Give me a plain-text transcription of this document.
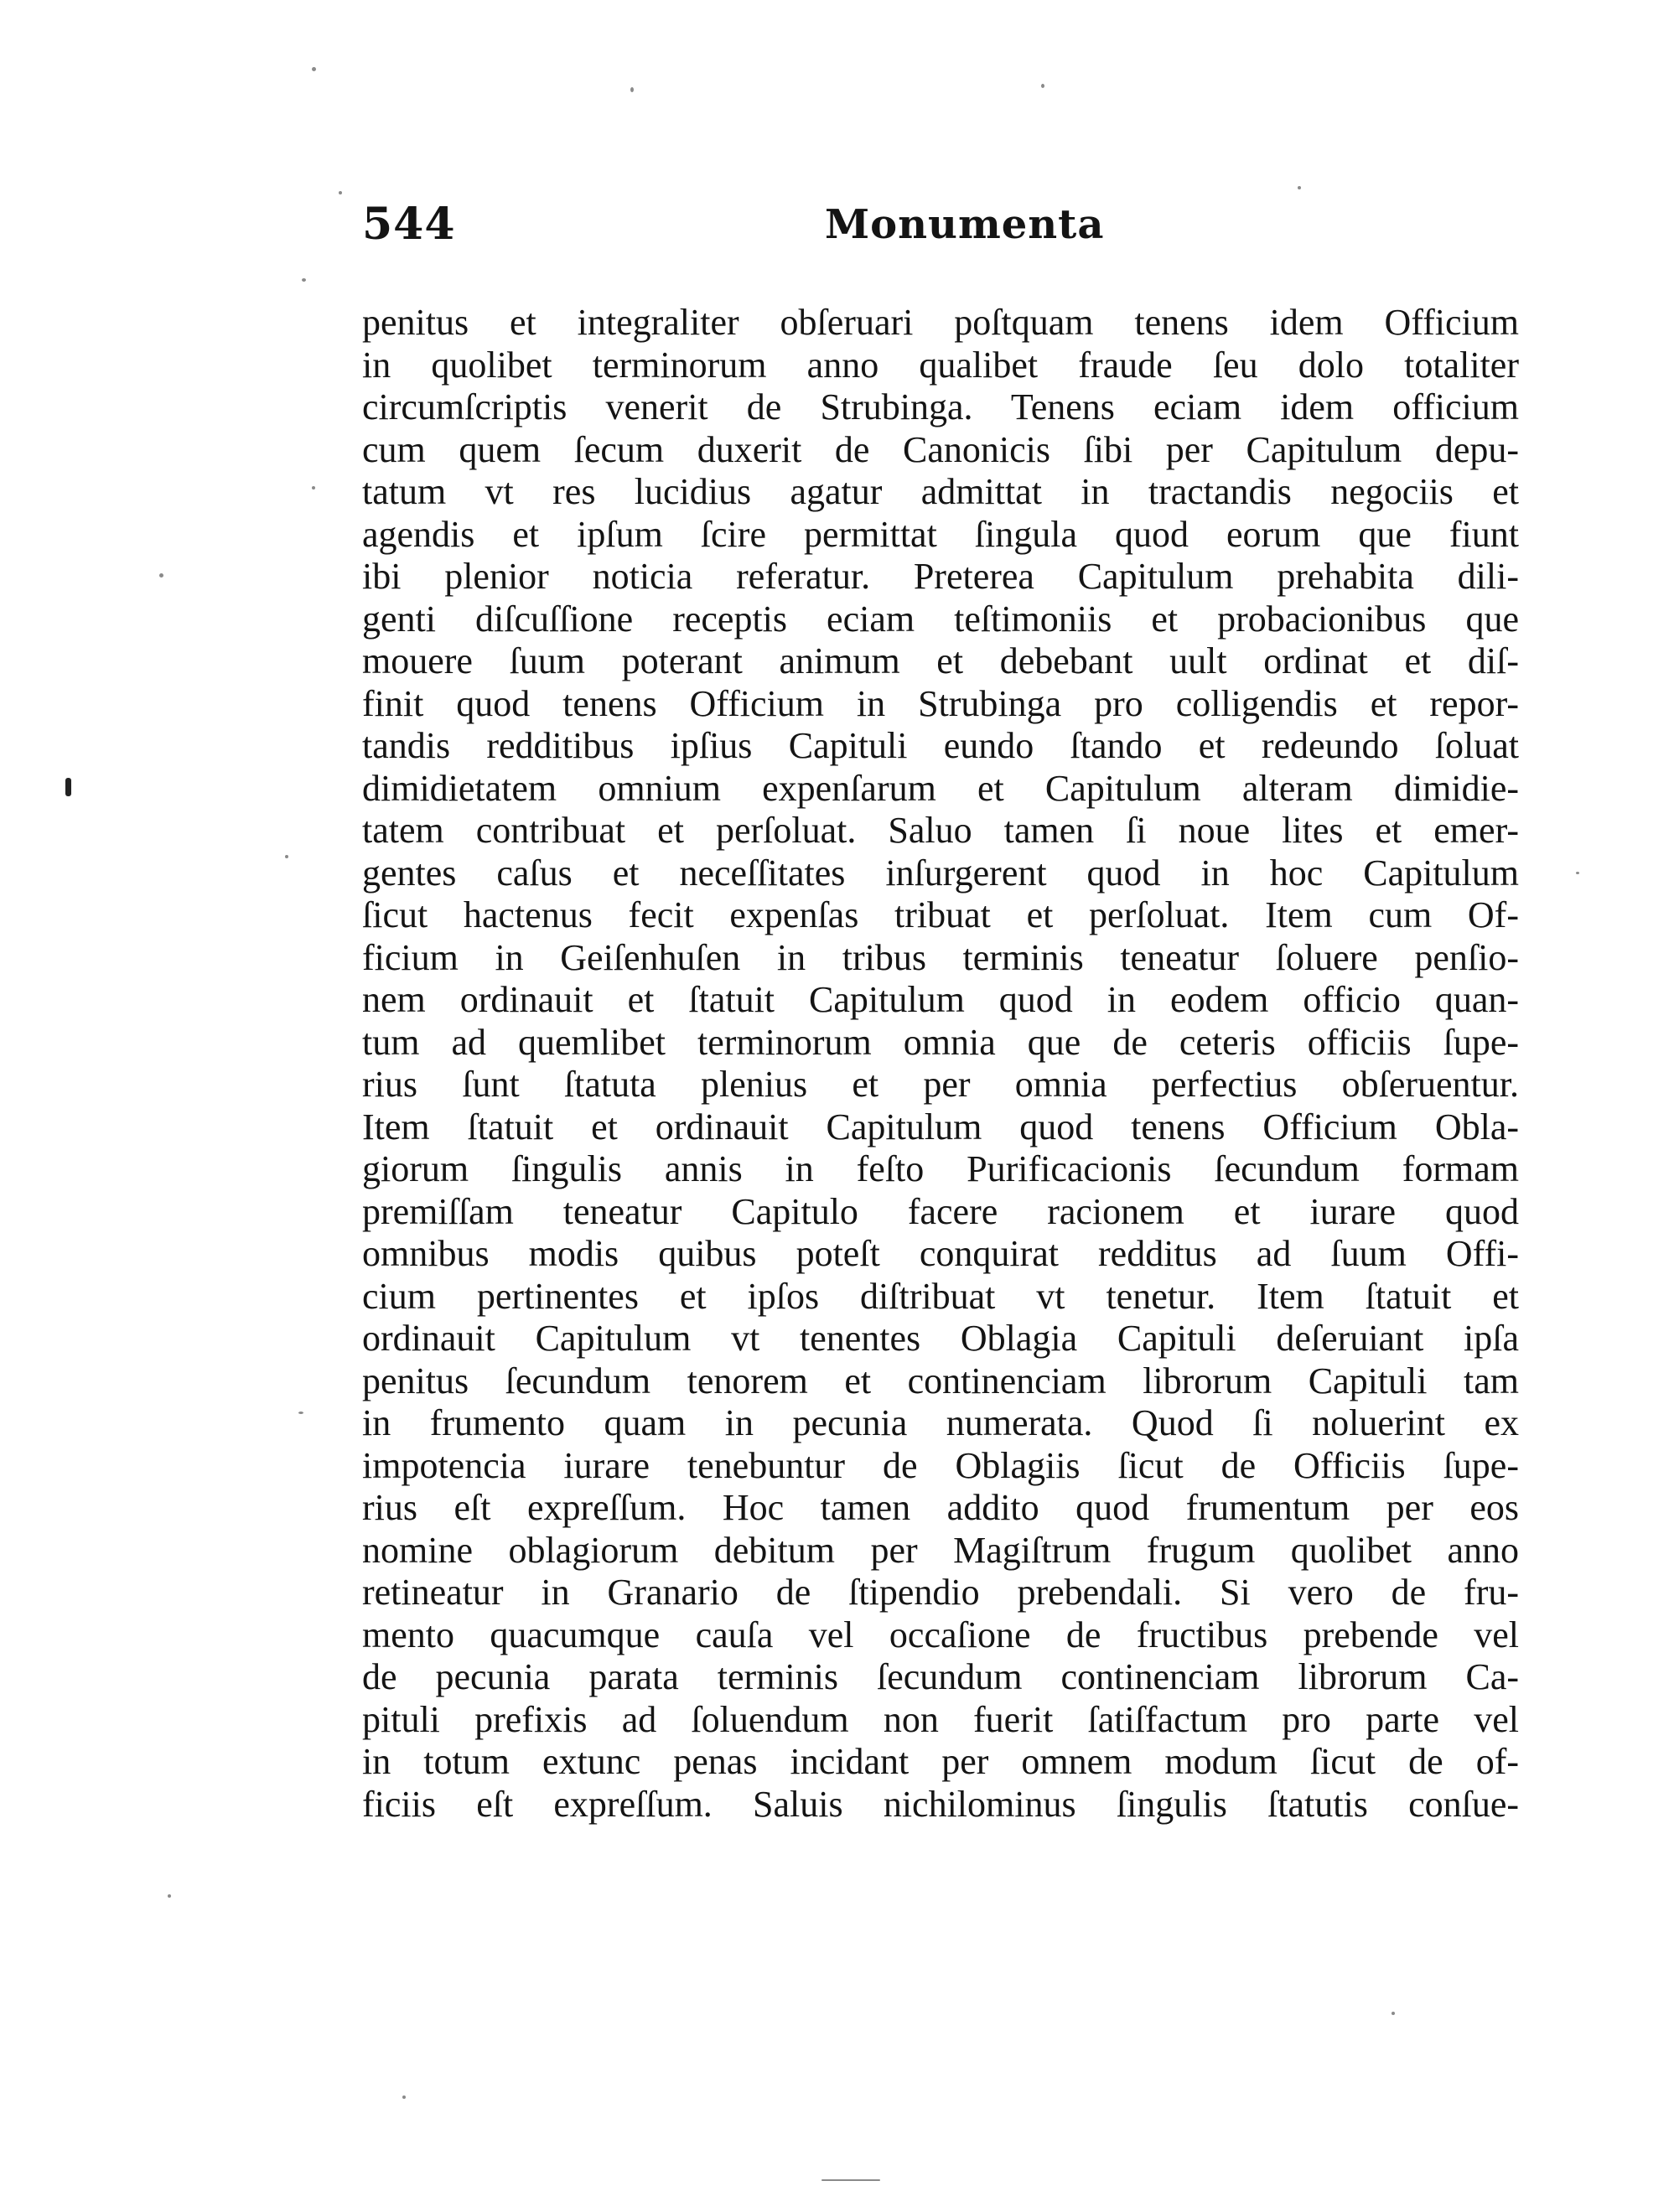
544	Monumenta
penitus et integraliter obſeruari poſtquam tenens idem Officium
in quolibet terminorum anno qualibet fraude ſeu dolo totaliter
circumſcriptis venerit de Strubinga. Tenens eciam idem officium
cum quem ſecum duxerit de Canonicis ſibi per Capitulum depu-
tatum vt res lucidius agatur admittat in tractandis negociis et
agendis et ipſum ſcire permittat ſingula quod eorum que fiunt
ibi plenior noticia referatur. Preterea Capitulum prehabita dili-
genti diſcuſſione receptis eciam teſtimoniis et probacionibus que
mouere ſuum poterant animum et debebant uult ordinat et diſ-
finit quod tenens Officium in Strubinga pro colligendis et repor-
tandis redditibus ipſius Capituli eundo ſtando et redeundo ſoluat
dimidietatem omnium expenſarum et Capitulum alteram dimidie-
tatem contribuat et perſoluat. Saluo tamen ſi noue lites et emer-
gentes caſus et neceſſitates inſurgerent quod in hoc Capitulum
ſicut hactenus fecit expenſas tribuat et perſoluat. Item cum Of-
ficium in Geiſenhuſen in tribus terminis teneatur ſoluere penſio-
nem ordinauit et ſtatuit Capitulum quod in eodem officio quan-
tum ad quemlibet terminorum omnia que de ceteris officiis ſupe-
rius ſunt ſtatuta plenius et per omnia perfectius obſeruentur.
Item ſtatuit et ordinauit Capitulum quod tenens Officium Obla-
giorum ſingulis annis in feſto Purificacionis ſecundum formam
premiſſam teneatur Capitulo facere racionem et iurare quod
omnibus modis quibus poteſt conquirat redditus ad ſuum Offi-
cium pertinentes et ipſos diſtribuat vt tenetur. Item ſtatuit et
ordinauit Capitulum vt tenentes Oblagia Capituli deſeruiant ipſa
penitus ſecundum tenorem et continenciam librorum Capituli tam
in frumento quam in pecunia numerata. Quod ſi noluerint ex
impotencia iurare tenebuntur de Oblagiis ſicut de Officiis ſupe-
rius eſt expreſſum. Hoc tamen addito quod frumentum per eos
nomine oblagiorum debitum per Magiſtrum frugum quolibet anno
retineatur in Granario de ſtipendio prebendali. Si vero de fru-
mento quacumque cauſa vel occaſione de fructibus prebende vel
de pecunia parata terminis ſecundum continenciam librorum Ca-
pituli prefixis ad ſoluendum non fuerit ſatiſfactum pro parte vel
in totum extunc penas incidant per omnem modum ſicut de of-
ficiis eſt expreſſum. Saluis nichilominus ſingulis ſtatutis conſue-
